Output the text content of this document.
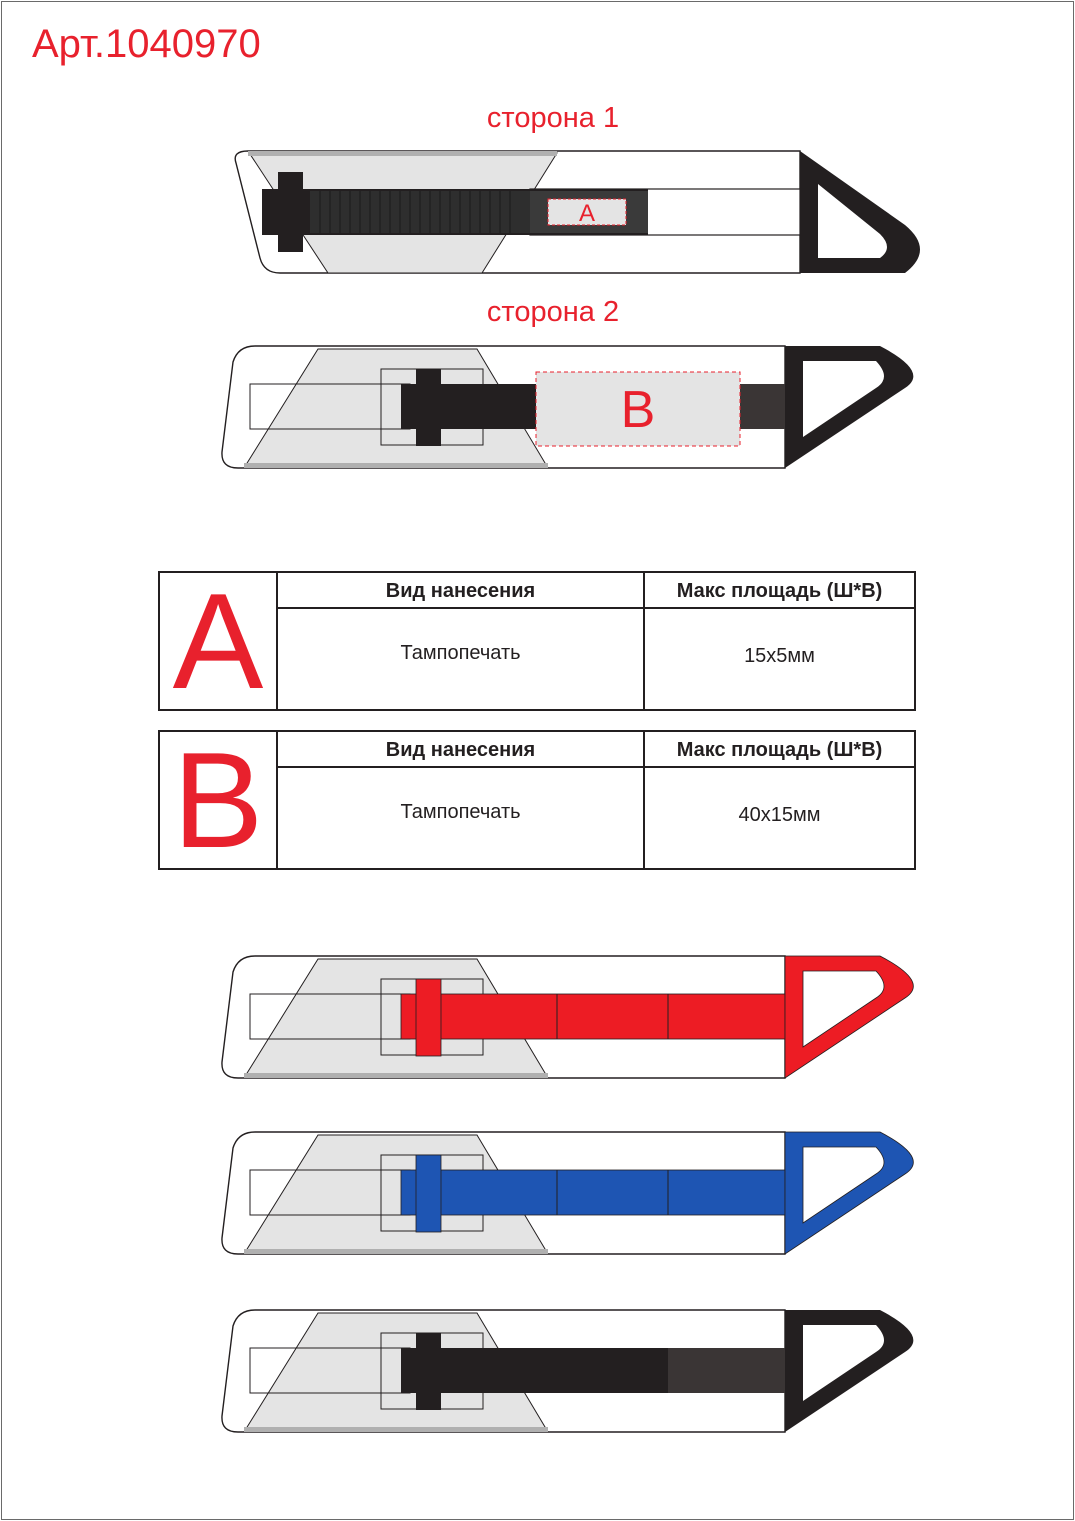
Арт.1040970
сторона 1
сторона 2
A
B
A	Вид нанесения	Макс площадь (Ш*В)
Тампопечать	15x5мм
B	Вид нанесения	Макс площадь (Ш*В)
Тампопечать	40x15мм
